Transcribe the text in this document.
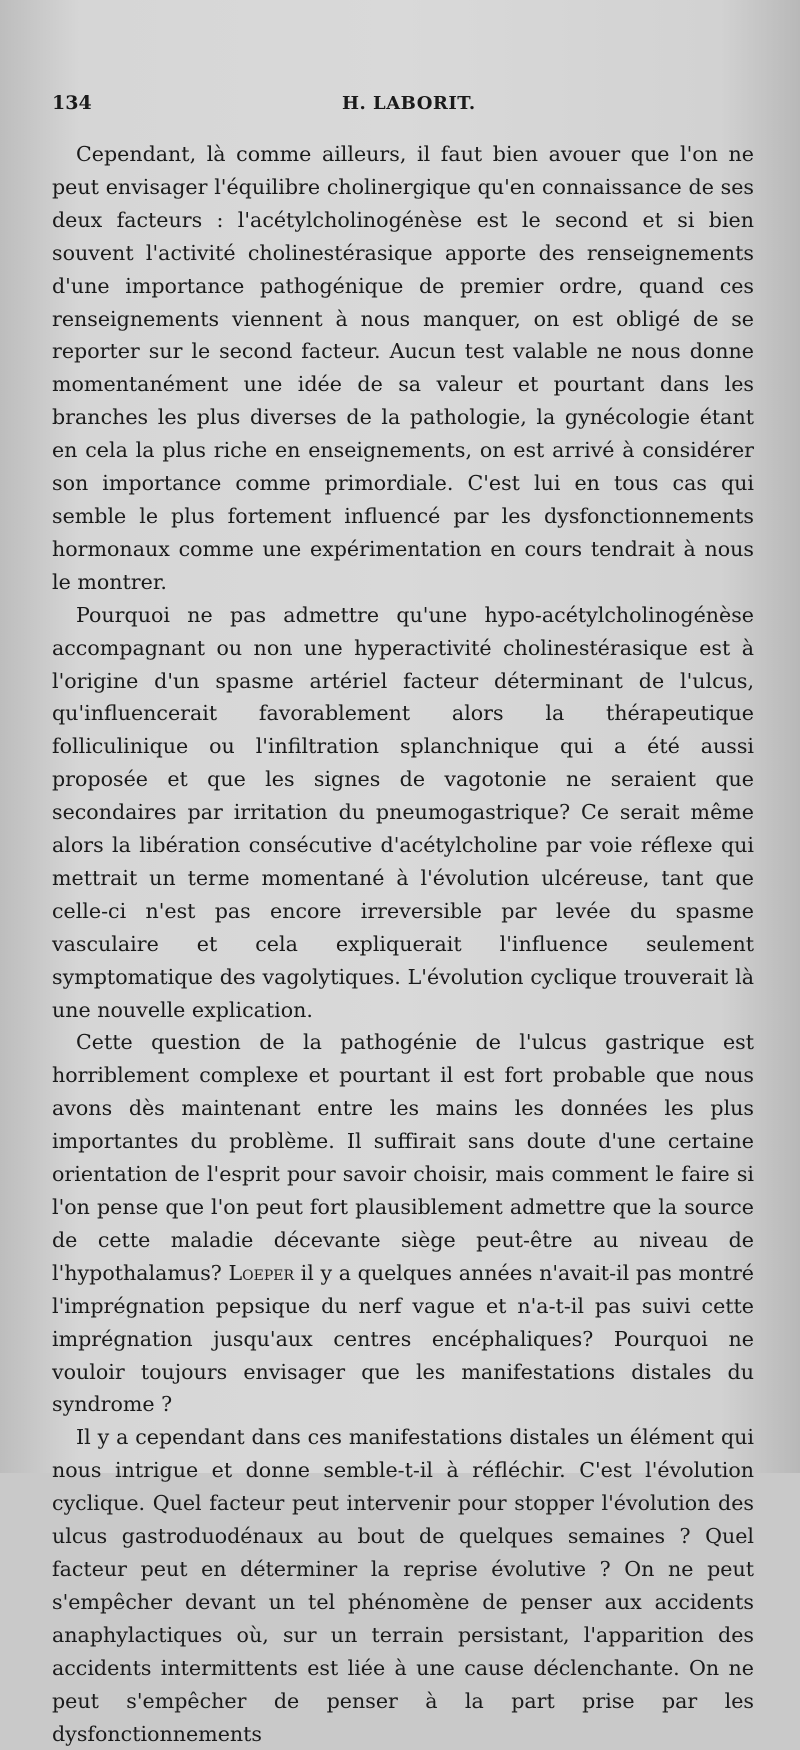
134	H. LABORIT.

Cependant, là comme ailleurs, il faut bien avouer que l'on ne peut envisager l'équilibre cholinergique qu'en connaissance de ses deux facteurs : l'acétylcholinogénèse est le second et si bien souvent l'activité cholinestérasique apporte des renseignements d'une importance pathogénique de premier ordre, quand ces renseignements viennent à nous manquer, on est obligé de se reporter sur le second facteur. Aucun test valable ne nous donne momentanément une idée de sa valeur et pourtant dans les branches les plus diverses de la pathologie, la gynécologie étant en cela la plus riche en enseignements, on est arrivé à considérer son importance comme primordiale. C'est lui en tous cas qui semble le plus fortement influencé par les dysfonctionnements hormonaux comme une expérimentation en cours tendrait à nous le montrer.

Pourquoi ne pas admettre qu'une hypo-acétylcholinogénèse accompagnant ou non une hyperactivité cholinestérasique est à l'origine d'un spasme artériel facteur déterminant de l'ulcus, qu'influencerait favorablement alors la thérapeutique folliculinique ou l'infiltration splanchnique qui a été aussi proposée et que les signes de vagotonie ne seraient que secondaires par irritation du pneumogastrique? Ce serait même alors la libération consécutive d'acétylcholine par voie réflexe qui mettrait un terme momentané à l'évolution ulcéreuse, tant que celle-ci n'est pas encore irreversible par levée du spasme vasculaire et cela expliquerait l'influence seulement symptomatique des vagolytiques. L'évolution cyclique trouverait là une nouvelle explication.

Cette question de la pathogénie de l'ulcus gastrique est horriblement complexe et pourtant il est fort probable que nous avons dès maintenant entre les mains les données les plus importantes du problème. Il suffirait sans doute d'une certaine orientation de l'esprit pour savoir choisir, mais comment le faire si l'on pense que l'on peut fort plausiblement admettre que la source de cette maladie décevante siège peut-être au niveau de l'hypothalamus? Loeper il y a quelques années n'avait-il pas montré l'imprégnation pepsique du nerf vague et n'a-t-il pas suivi cette imprégnation jusqu'aux centres encéphaliques? Pourquoi ne vouloir toujours envisager que les manifestations distales du syndrome ?

Il y a cependant dans ces manifestations distales un élément qui nous intrigue et donne semble-t-il à réfléchir. C'est l'évolution cyclique. Quel facteur peut intervenir pour stopper l'évolution des ulcus gastroduodénaux au bout de quelques semaines ? Quel facteur peut en déterminer la reprise évolutive ? On ne peut s'empêcher devant un tel phénomène de penser aux accidents anaphylactiques où, sur un terrain persistant, l'apparition des accidents intermittents est liée à une cause déclenchante. On ne peut s'empêcher de penser à la part prise par les dysfonctionnements
